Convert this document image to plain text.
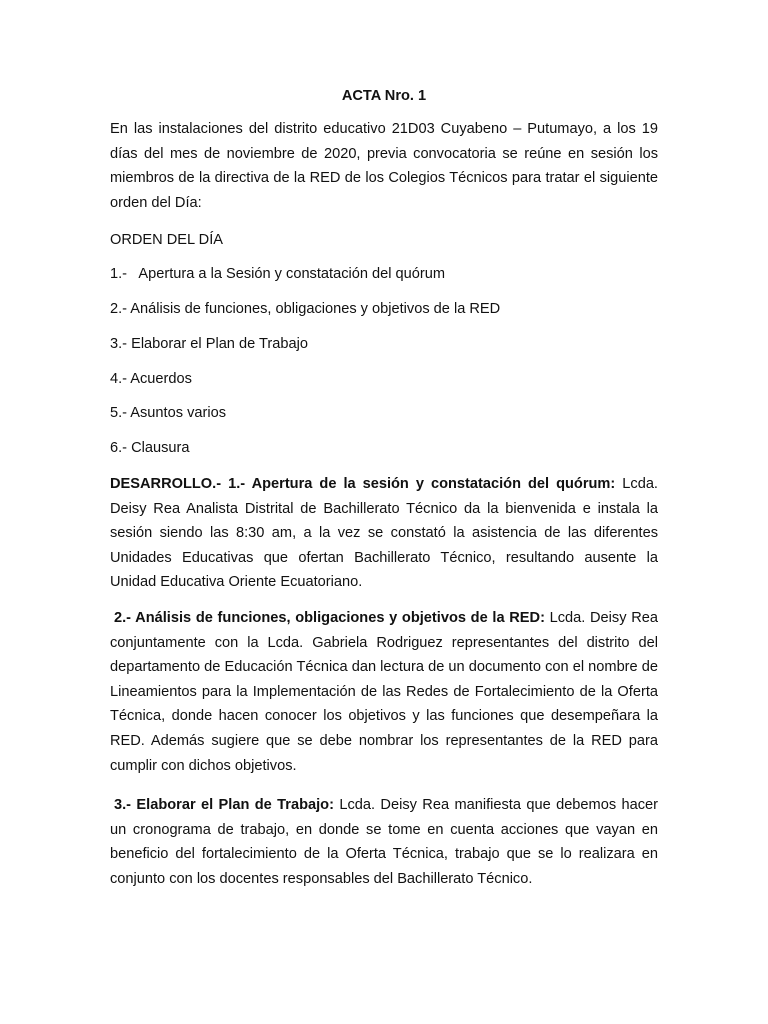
ACTA Nro. 1

En las instalaciones del distrito educativo 21D03 Cuyabeno – Putumayo, a los 19 días del mes de noviembre de 2020, previa convocatoria se reúne en sesión los miembros de la directiva de la RED de los Colegios Técnicos para tratar el siguiente orden del Día:

ORDEN DEL DÍA

1.-   Apertura a la Sesión y constatación del quórum

2.- Análisis de funciones, obligaciones y objetivos de la RED

3.- Elaborar el Plan de Trabajo

4.- Acuerdos

5.- Asuntos varios

6.- Clausura

DESARROLLO.- 1.- Apertura de la sesión y constatación del quórum: Lcda. Deisy Rea Analista Distrital de Bachillerato Técnico da la bienvenida e instala la sesión siendo las 8:30 am, a la vez se constató la asistencia de las diferentes Unidades Educativas que ofertan Bachillerato Técnico, resultando ausente la Unidad Educativa Oriente Ecuatoriano.

2.- Análisis de funciones, obligaciones y objetivos de la RED: Lcda. Deisy Rea conjuntamente con la Lcda. Gabriela Rodriguez representantes del distrito del departamento de Educación Técnica dan lectura de un documento con el nombre de Lineamientos para la Implementación de las Redes de Fortalecimiento de la Oferta Técnica, donde hacen conocer los objetivos y las funciones que desempeñara la RED. Además sugiere que se debe nombrar los representantes de la RED para cumplir con dichos objetivos.

3.- Elaborar el Plan de Trabajo: Lcda. Deisy Rea manifiesta que debemos hacer un cronograma de trabajo, en donde se tome en cuenta acciones que vayan en beneficio del fortalecimiento de la Oferta Técnica, trabajo que se lo realizara en conjunto con los docentes responsables del Bachillerato Técnico.
